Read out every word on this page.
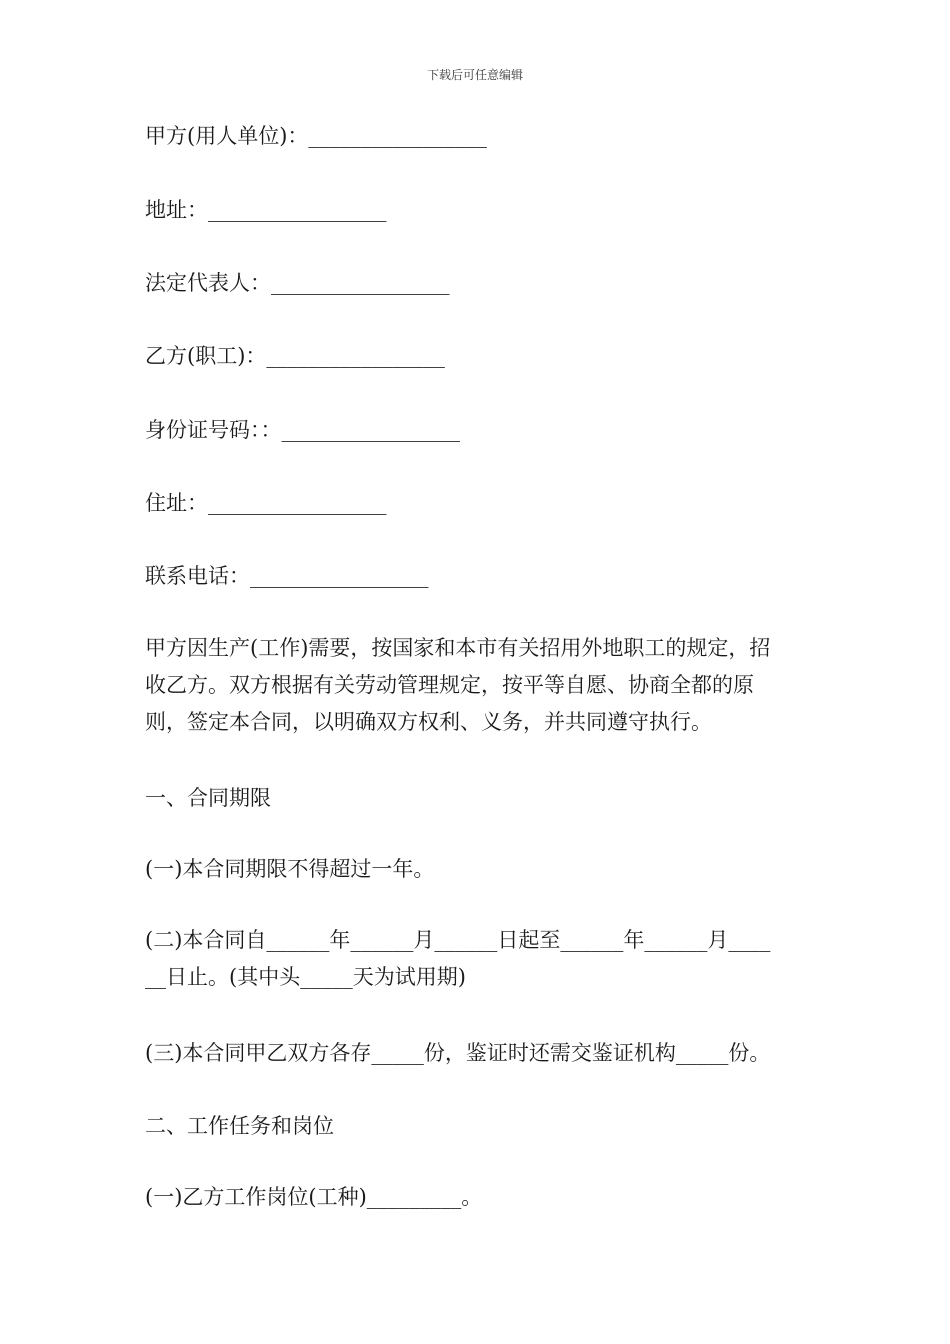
下载后可任意编辑
甲方(用人单位)：_________________
地址：_________________
法定代表人：_________________
乙方(职工)：_________________
身份证号码：：_________________
住址：_________________
联系电话：_________________
甲方因生产(工作)需要，按国家和本市有关招用外地职工的规定，招
收乙方。双方根据有关劳动管理规定，按平等自愿、协商全都的原
则，签定本合同，以明确双方权利、义务，并共同遵守执行。
一、合同期限
(一)本合同期限不得超过一年。
(二)本合同自______年______月______日起至______年______月____
__日止。(其中头_____天为试用期)
(三)本合同甲乙双方各存_____份，鉴证时还需交鉴证机构_____份。
二、工作任务和岗位
(一)乙方工作岗位(工种)_________。
